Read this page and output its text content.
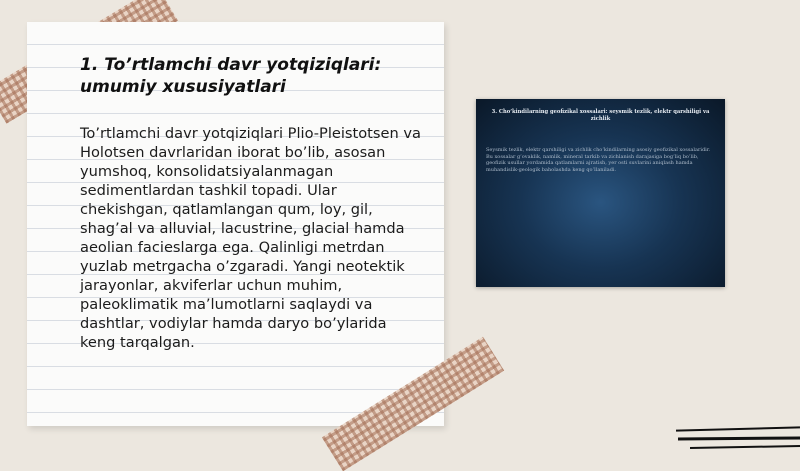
1. To’rtlamchi davr yotqiziqlari: umumiy xususiyatlari

To’rtlamchi davr yotqiziqlari Plio-Pleistotsen va Holotsen davrlaridan iborat bo’lib, asosan yumshoq, konsolidatsiyalanmagan sedimentlardan tashkil topadi. Ular chekishgan, qatlamlangan qum, loy, gil, shag’al va alluvial, lacustrine, glacial hamda aeolian facieslarga ega. Qalinligi metrdan yuzlab metrgacha o’zgaradi. Yangi neotektik jarayonlar, akviferlar uchun muhim, paleoklimatik ma’lumotlarni saqlaydi va dashtlar, vodiylar hamda daryo bo’ylarida keng tarqalgan.

3. Cho’kindilarning geofizikal xossalari: seysmik tezlik, elektr qarshiligi va zichlik

Seysmik tezlik, elektr qarshiligi va zichlik cho’kindilarning asosiy geofizikal xossalaridir. Bu xossalar g’ovaklik, namlik, mineral tarkib va zichlanish darajasiga bog’liq bo’lib, geofizik usullar yordamida qatlamlarni ajratish, yer osti suvlarini aniqlash hamda muhandislik-geologik baholashda keng qo’llaniladi.
